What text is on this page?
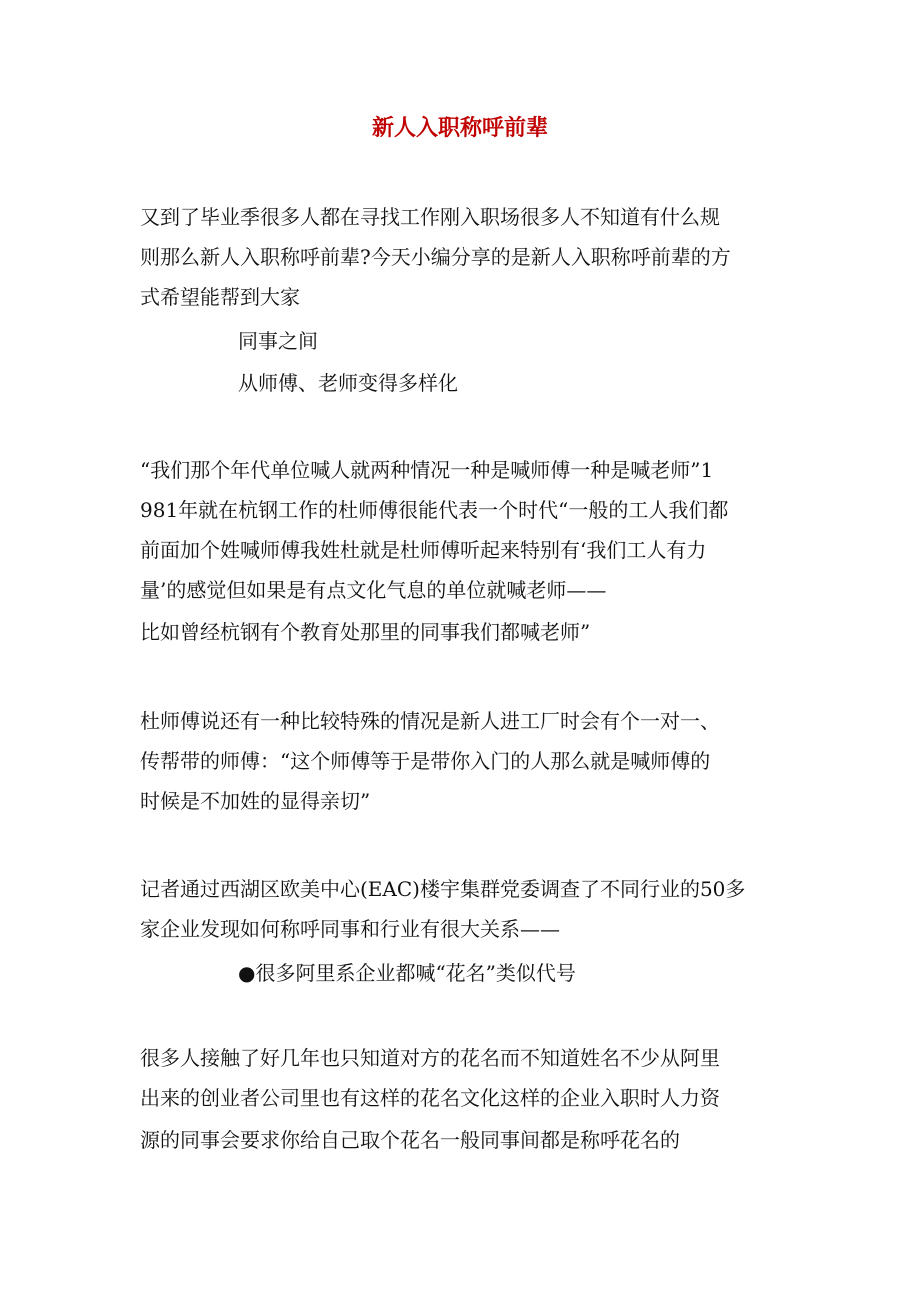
新人入职称呼前辈
又到了毕业季很多人都在寻找工作刚入职场很多人不知道有什么规
则那么新人入职称呼前辈?今天小编分享的是新人入职称呼前辈的方
式希望能帮到大家
同事之间
从师傅、老师变得多样化
“我们那个年代单位喊人就两种情况一种是喊师傅一种是喊老师”1
981年就在杭钢工作的杜师傅很能代表一个时代“一般的工人我们都
前面加个姓喊师傅我姓杜就是杜师傅听起来特别有‘我们工人有力
量’的感觉但如果是有点文化气息的单位就喊老师——
比如曾经杭钢有个教育处那里的同事我们都喊老师”
杜师傅说还有一种比较特殊的情况是新人进工厂时会有个一对一、
传帮带的师傅：“这个师傅等于是带你入门的人那么就是喊师傅的
时候是不加姓的显得亲切”
记者通过西湖区欧美中心(EAC)楼宇集群党委调查了不同行业的50多
家企业发现如何称呼同事和行业有很大关系——
●很多阿里系企业都喊“花名”类似代号
很多人接触了好几年也只知道对方的花名而不知道姓名不少从阿里
出来的创业者公司里也有这样的花名文化这样的企业入职时人力资
源的同事会要求你给自己取个花名一般同事间都是称呼花名的
